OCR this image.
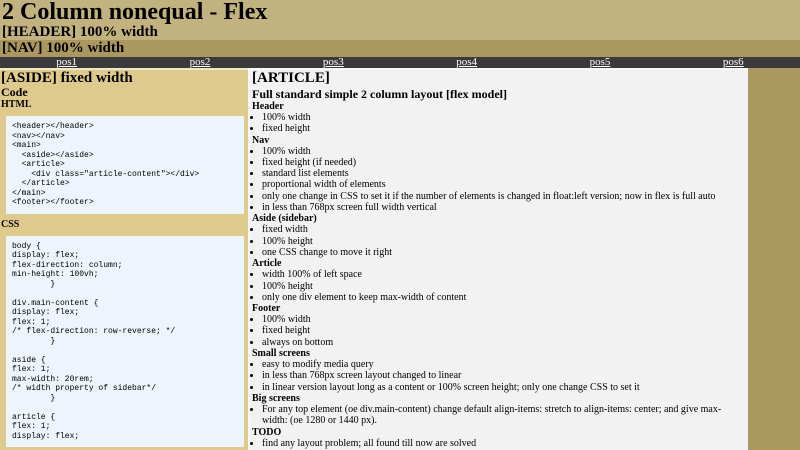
2 Column nonequal - Flex
[HEADER] 100% width
[NAV] 100% width
pos1	pos2	pos3	pos4	pos5	pos6
[ASIDE] fixed width
Code
HTML
<header></header>
<nav></nav>
<main>
<aside></aside>
<article>
<div class="article-content"></div>
</article>
</main>
<footer></footer>
CSS
body {
display: flex;
flex-direction: column;
min-height: 100vh;
}

div.main-content {
display: flex;
flex: 1;
/* flex-direction: row-reverse; */
}

aside {
flex: 1;
max-width: 20rem;
/* width property of sidebar*/
}

article {
flex: 1;
display: flex;
[ARTICLE]
Full standard simple 2 column layout [flex model]
Header
• 100% width
• fixed height
Nav
• 100% width
• fixed height (if needed)
• standard list elements
• proportional width of elements
• only one change in CSS to set it if the number of elements is changed in float:left version; now in flex is full auto
• in less than 768px screen full width vertical
Aside (sidebar)
• fixed width
• 100% height
• one CSS change to move it right
Article
• width 100% of left space
• 100% height
• only one div element to keep max-width of content
Footer
• 100% width
• fixed height
• always on bottom
Small screens
• easy to modify media query
• in less than 768px screen layout changed to linear
• in linear version layout long as a content or 100% screen height; only one change CSS to set it
Big screens
• For any top element (oe div.main-content) change default align-items: stretch to align-items: center; and give max-width: (oe 1280 or 1440 px).
TODO
• find any layout problem; all found till now are solved
